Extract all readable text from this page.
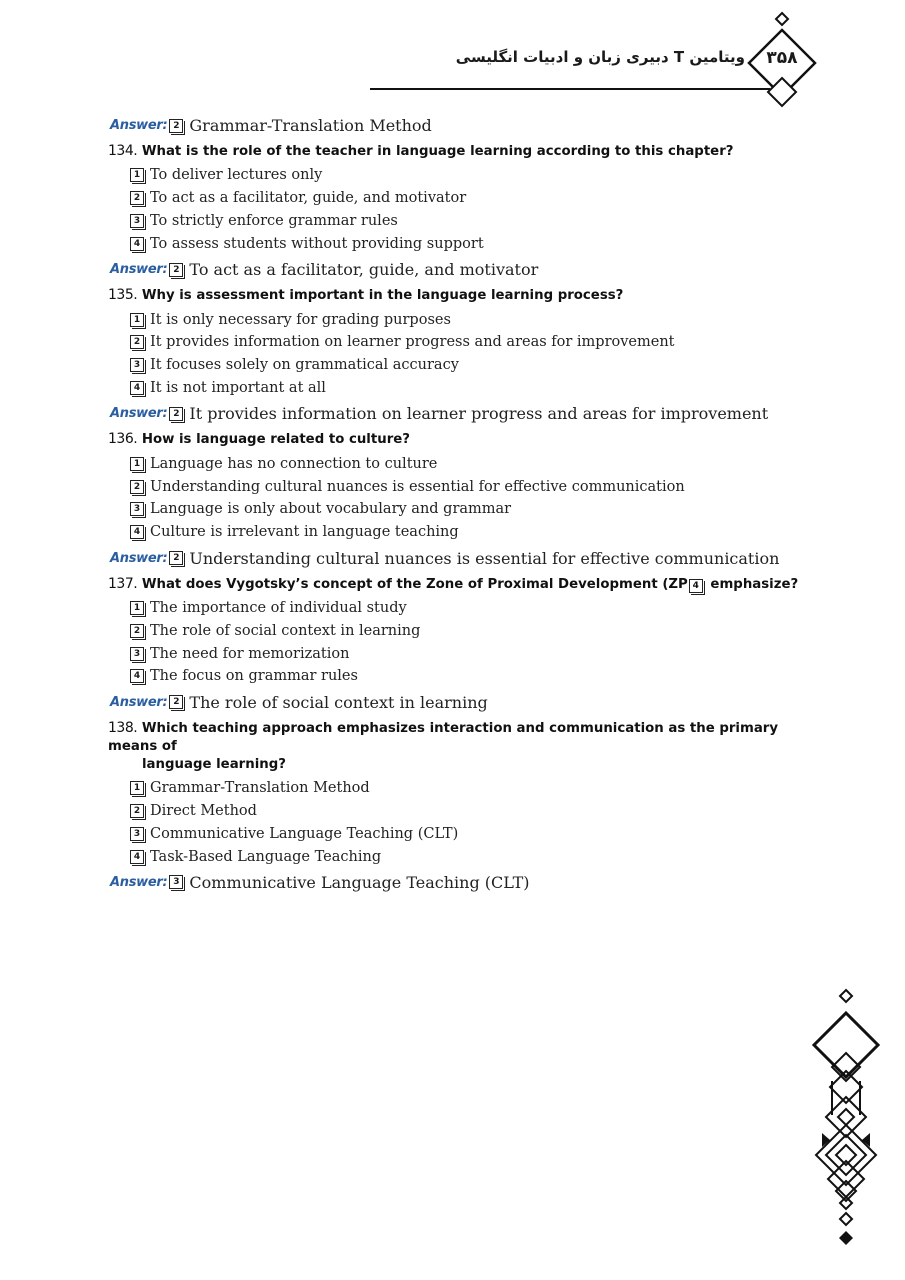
ویتامین T دبیری زبان و ادبیات انگلیسی	۳۵۸
Answer: 2 Grammar-Translation Method
134. What is the role of the teacher in language learning according to this chapter?
1 To deliver lectures only
2 To act as a facilitator, guide, and motivator
3 To strictly enforce grammar rules
4 To assess students without providing support
Answer: 2 To act as a facilitator, guide, and motivator
135. Why is assessment important in the language learning process?
1 It is only necessary for grading purposes
2 It provides information on learner progress and areas for improvement
3 It focuses solely on grammatical accuracy
4 It is not important at all
Answer: 2 It provides information on learner progress and areas for improvement
136. How is language related to culture?
1 Language has no connection to culture
2 Understanding cultural nuances is essential for effective communication
3 Language is only about vocabulary and grammar
4 Culture is irrelevant in language teaching
Answer: 2 Understanding cultural nuances is essential for effective communication
137. What does Vygotsky’s concept of the Zone of Proximal Development (ZP 4 emphasize?
1 The importance of individual study
2 The role of social context in learning
3 The need for memorization
4 The focus on grammar rules
Answer: 2 The role of social context in learning
138. Which teaching approach emphasizes interaction and communication as the primary means of
language learning?
1 Grammar-Translation Method
2 Direct Method
3 Communicative Language Teaching (CLT)
4 Task-Based Language Teaching
Answer: 3 Communicative Language Teaching (CLT)
